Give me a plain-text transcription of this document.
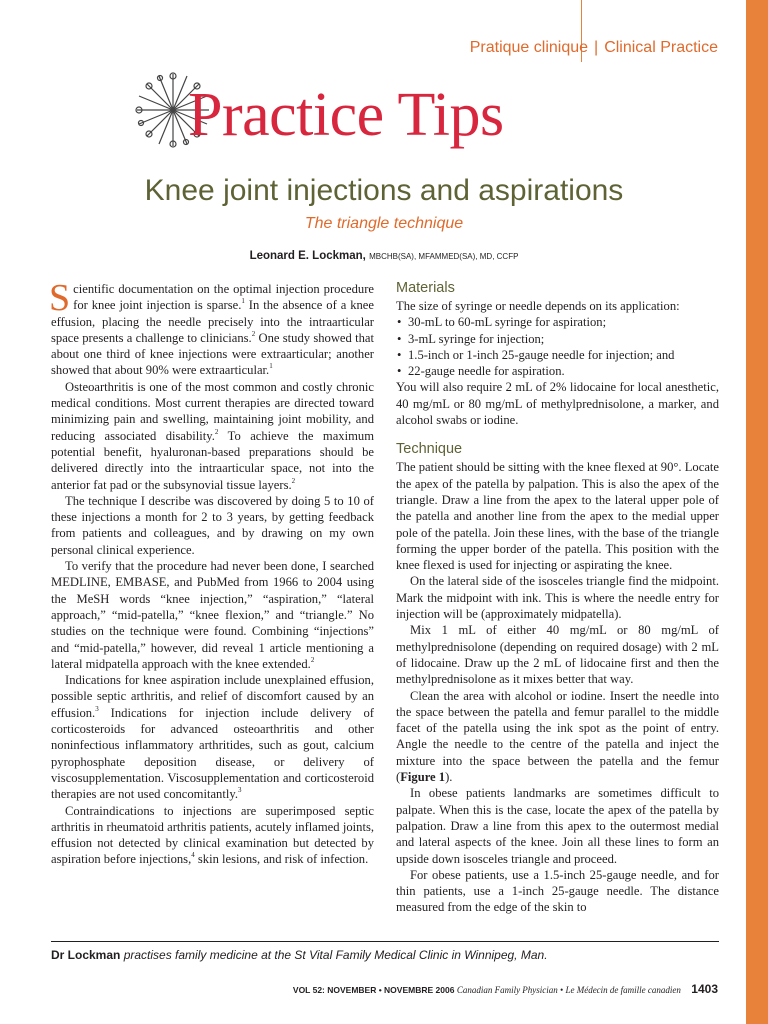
Pratique clinique | Clinical Practice
Practice Tips
Knee joint injections and aspirations
The triangle technique
Leonard E. Lockman, MBCHB(SA), MFAMMED(SA), MD, CCFP

Scientific documentation on the optimal injection procedure for knee joint injection is sparse.$^1$ In the absence of a knee effusion, placing the needle precisely into the intraarticular space presents a challenge to clinicians.$^2$ One study showed that about one third of knee injections were extraarticular; another showed that about 90% were extraarticular.$^1$

Osteoarthritis is one of the most common and costly chronic medical conditions. Most current therapies are directed toward minimizing pain and swelling, maintaining joint mobility, and reducing associated disability.$^2$ To achieve the maximum potential benefit, hyaluronan-based preparations should be delivered directly into the intraarticular space, not into the anterior fat pad or the subsynovial tissue layers.$^2$

The technique I describe was discovered by doing 5 to 10 of these injections a month for 2 to 3 years, by getting feedback from patients and colleagues, and by drawing on my own personal clinical experience.

To verify that the procedure had never been done, I searched MEDLINE, EMBASE, and PubMed from 1966 to 2004 using the MeSH words “knee injection,” “aspiration,” “lateral approach,” “mid-patella,” “knee flexion,” and “triangle.” No studies on the technique were found. Combining “injections” and “mid-patella,” however, did reveal 1 article mentioning a lateral midpatella approach with the knee extended.$^2$

Indications for knee aspiration include unexplained effusion, possible septic arthritis, and relief of discomfort caused by an effusion.$^3$ Indications for injection include delivery of corticosteroids for advanced osteoarthritis and other noninfectious inflammatory arthritides, such as gout, calcium pyrophosphate deposition disease, or delivery of viscosupplementation. Viscosupplementation and corticosteroid therapies are not used concomitantly.$^3$

Contraindications to injections are superimposed septic arthritis in rheumatoid arthritis patients, acutely inflamed joints, effusion not detected by clinical examination but detected by aspiration before injections,$^4$ skin lesions, and risk of infection.

Materials

The size of syringe or needle depends on its application:

• 30-mL to 60-mL syringe for aspiration;
• 3-mL syringe for injection;
• 1.5-inch or 1-inch 25-gauge needle for injection; and
• 22-gauge needle for aspiration.

You will also require 2 mL of 2% lidocaine for local anesthetic, 40 mg/mL or 80 mg/mL of methylprednisolone, a marker, and alcohol swabs or iodine.

Technique

The patient should be sitting with the knee flexed at 90°. Locate the apex of the patella by palpation. This is also the apex of the triangle. Draw a line from the apex to the lateral upper pole of the patella and another line from the apex to the medial upper pole of the patella. Join these lines, with the base of the triangle forming the upper border of the patella. This position with the knee flexed is used for injecting or aspirating the knee.

On the lateral side of the isosceles triangle find the midpoint. Mark the midpoint with ink. This is where the needle entry for injection will be (approximately midpatella).

Mix 1 mL of either 40 mg/mL or 80 mg/mL of methylprednisolone (depending on required dosage) with 2 mL of lidocaine. Draw up the 2 mL of lidocaine first and then the methylprednisolone as it mixes better that way.

Clean the area with alcohol or iodine. Insert the needle into the space between the patella and femur parallel to the middle facet of the patella using the ink spot as the point of entry. Angle the needle to the centre of the patella and inject the mixture into the space between the patella and the femur (Figure 1).

In obese patients landmarks are sometimes difficult to palpate. When this is the case, locate the apex of the patella by palpation. Draw a line from this apex to the outermost medial and lateral aspects of the knee. Join all these lines to form an upside down isosceles triangle and proceed.

For obese patients, use a 1.5-inch 25-gauge needle, and for thin patients, use a 1-inch 25-gauge needle. The distance measured from the edge of the skin to

Dr Lockman practises family medicine at the St Vital Family Medical Clinic in Winnipeg, Man.
VOL 52: NOVEMBER • NOVEMBRE 2006 Canadian Family Physician • Le Médecin de famille canadien 1403
